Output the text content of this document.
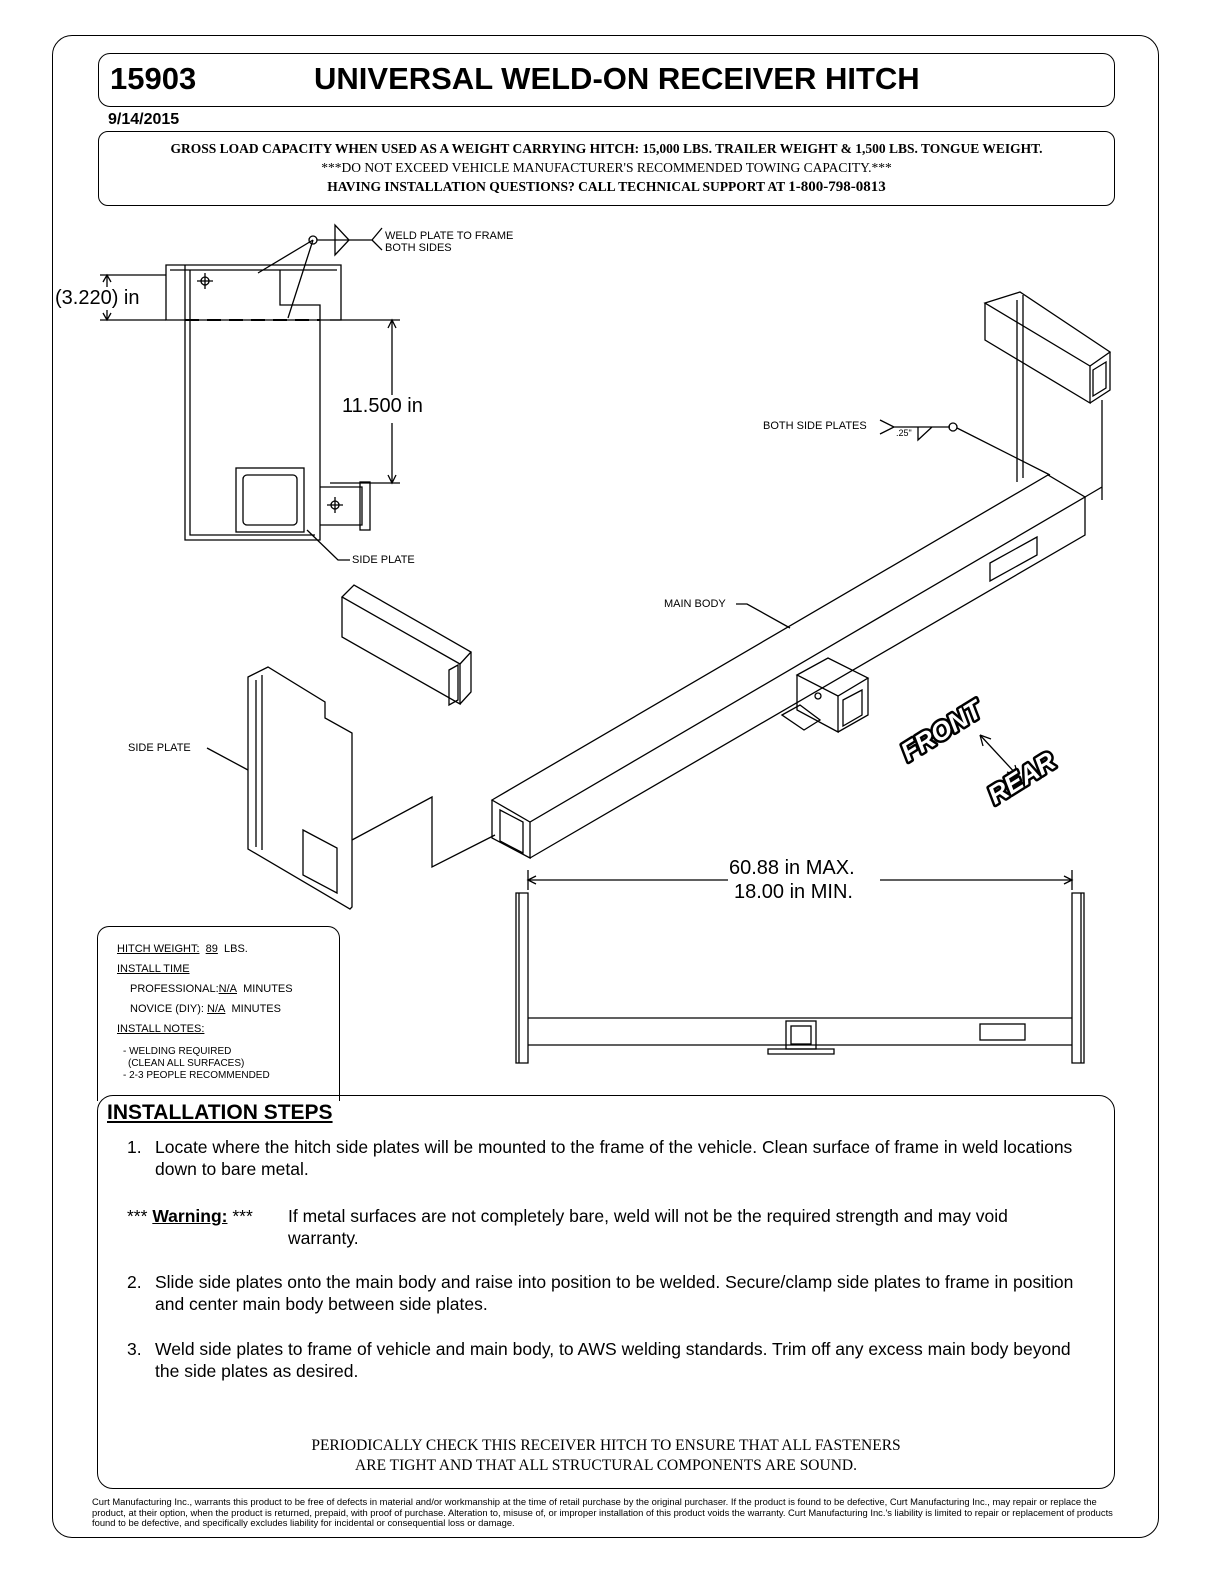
15903	UNIVERSAL WELD-ON RECEIVER HITCH
9/14/2015
GROSS LOAD CAPACITY WHEN USED AS A WEIGHT CARRYING HITCH: 15,000 LBS. TRAILER WEIGHT & 1,500 LBS. TONGUE WEIGHT.
***DO NOT EXCEED VEHICLE MANUFACTURER'S RECOMMENDED TOWING CAPACITY.***
HAVING INSTALLATION QUESTIONS? CALL TECHNICAL SUPPORT AT 1-800-798-0813
WELD PLATE TO FRAME
BOTH SIDES
(3.220) in
11.500 in
SIDE PLATE
SIDE PLATE
BOTH SIDE PLATES
.25"
MAIN BODY
60.88 in MAX.
18.00 in MIN.
FRONT
REAR
HITCH WEIGHT: 89 LBS.
INSTALL TIME
PROFESSIONAL:N/A MINUTES
NOVICE (DIY): N/A MINUTES
INSTALL NOTES:
- WELDING REQUIRED
(CLEAN ALL SURFACES)
- 2-3 PEOPLE RECOMMENDED
INSTALLATION STEPS
1. Locate where the hitch side plates will be mounted to the frame of the vehicle. Clean surface of frame in weld locations down to bare metal.
*** Warning: *** If metal surfaces are not completely bare, weld will not be the required strength and may void warranty.
2. Slide side plates onto the main body and raise into position to be welded. Secure/clamp side plates to frame in position and center main body between side plates.
3. Weld side plates to frame of vehicle and main body, to AWS welding standards. Trim off any excess main body beyond the side plates as desired.
PERIODICALLY CHECK THIS RECEIVER HITCH TO ENSURE THAT ALL FASTENERS
ARE TIGHT AND THAT ALL STRUCTURAL COMPONENTS ARE SOUND.
Curt Manufacturing Inc., warrants this product to be free of defects in material and/or workmanship at the time of retail purchase by the original purchaser. If the product is found to be defective, Curt Manufacturing Inc., may repair or replace the product, at their option, when the product is returned, prepaid, with proof of purchase. Alteration to, misuse of, or improper installation of this product voids the warranty. Curt Manufacturing Inc.'s liability is limited to repair or replacement of products found to be defective, and specifically excludes liability for incidental or consequential loss or damage.
